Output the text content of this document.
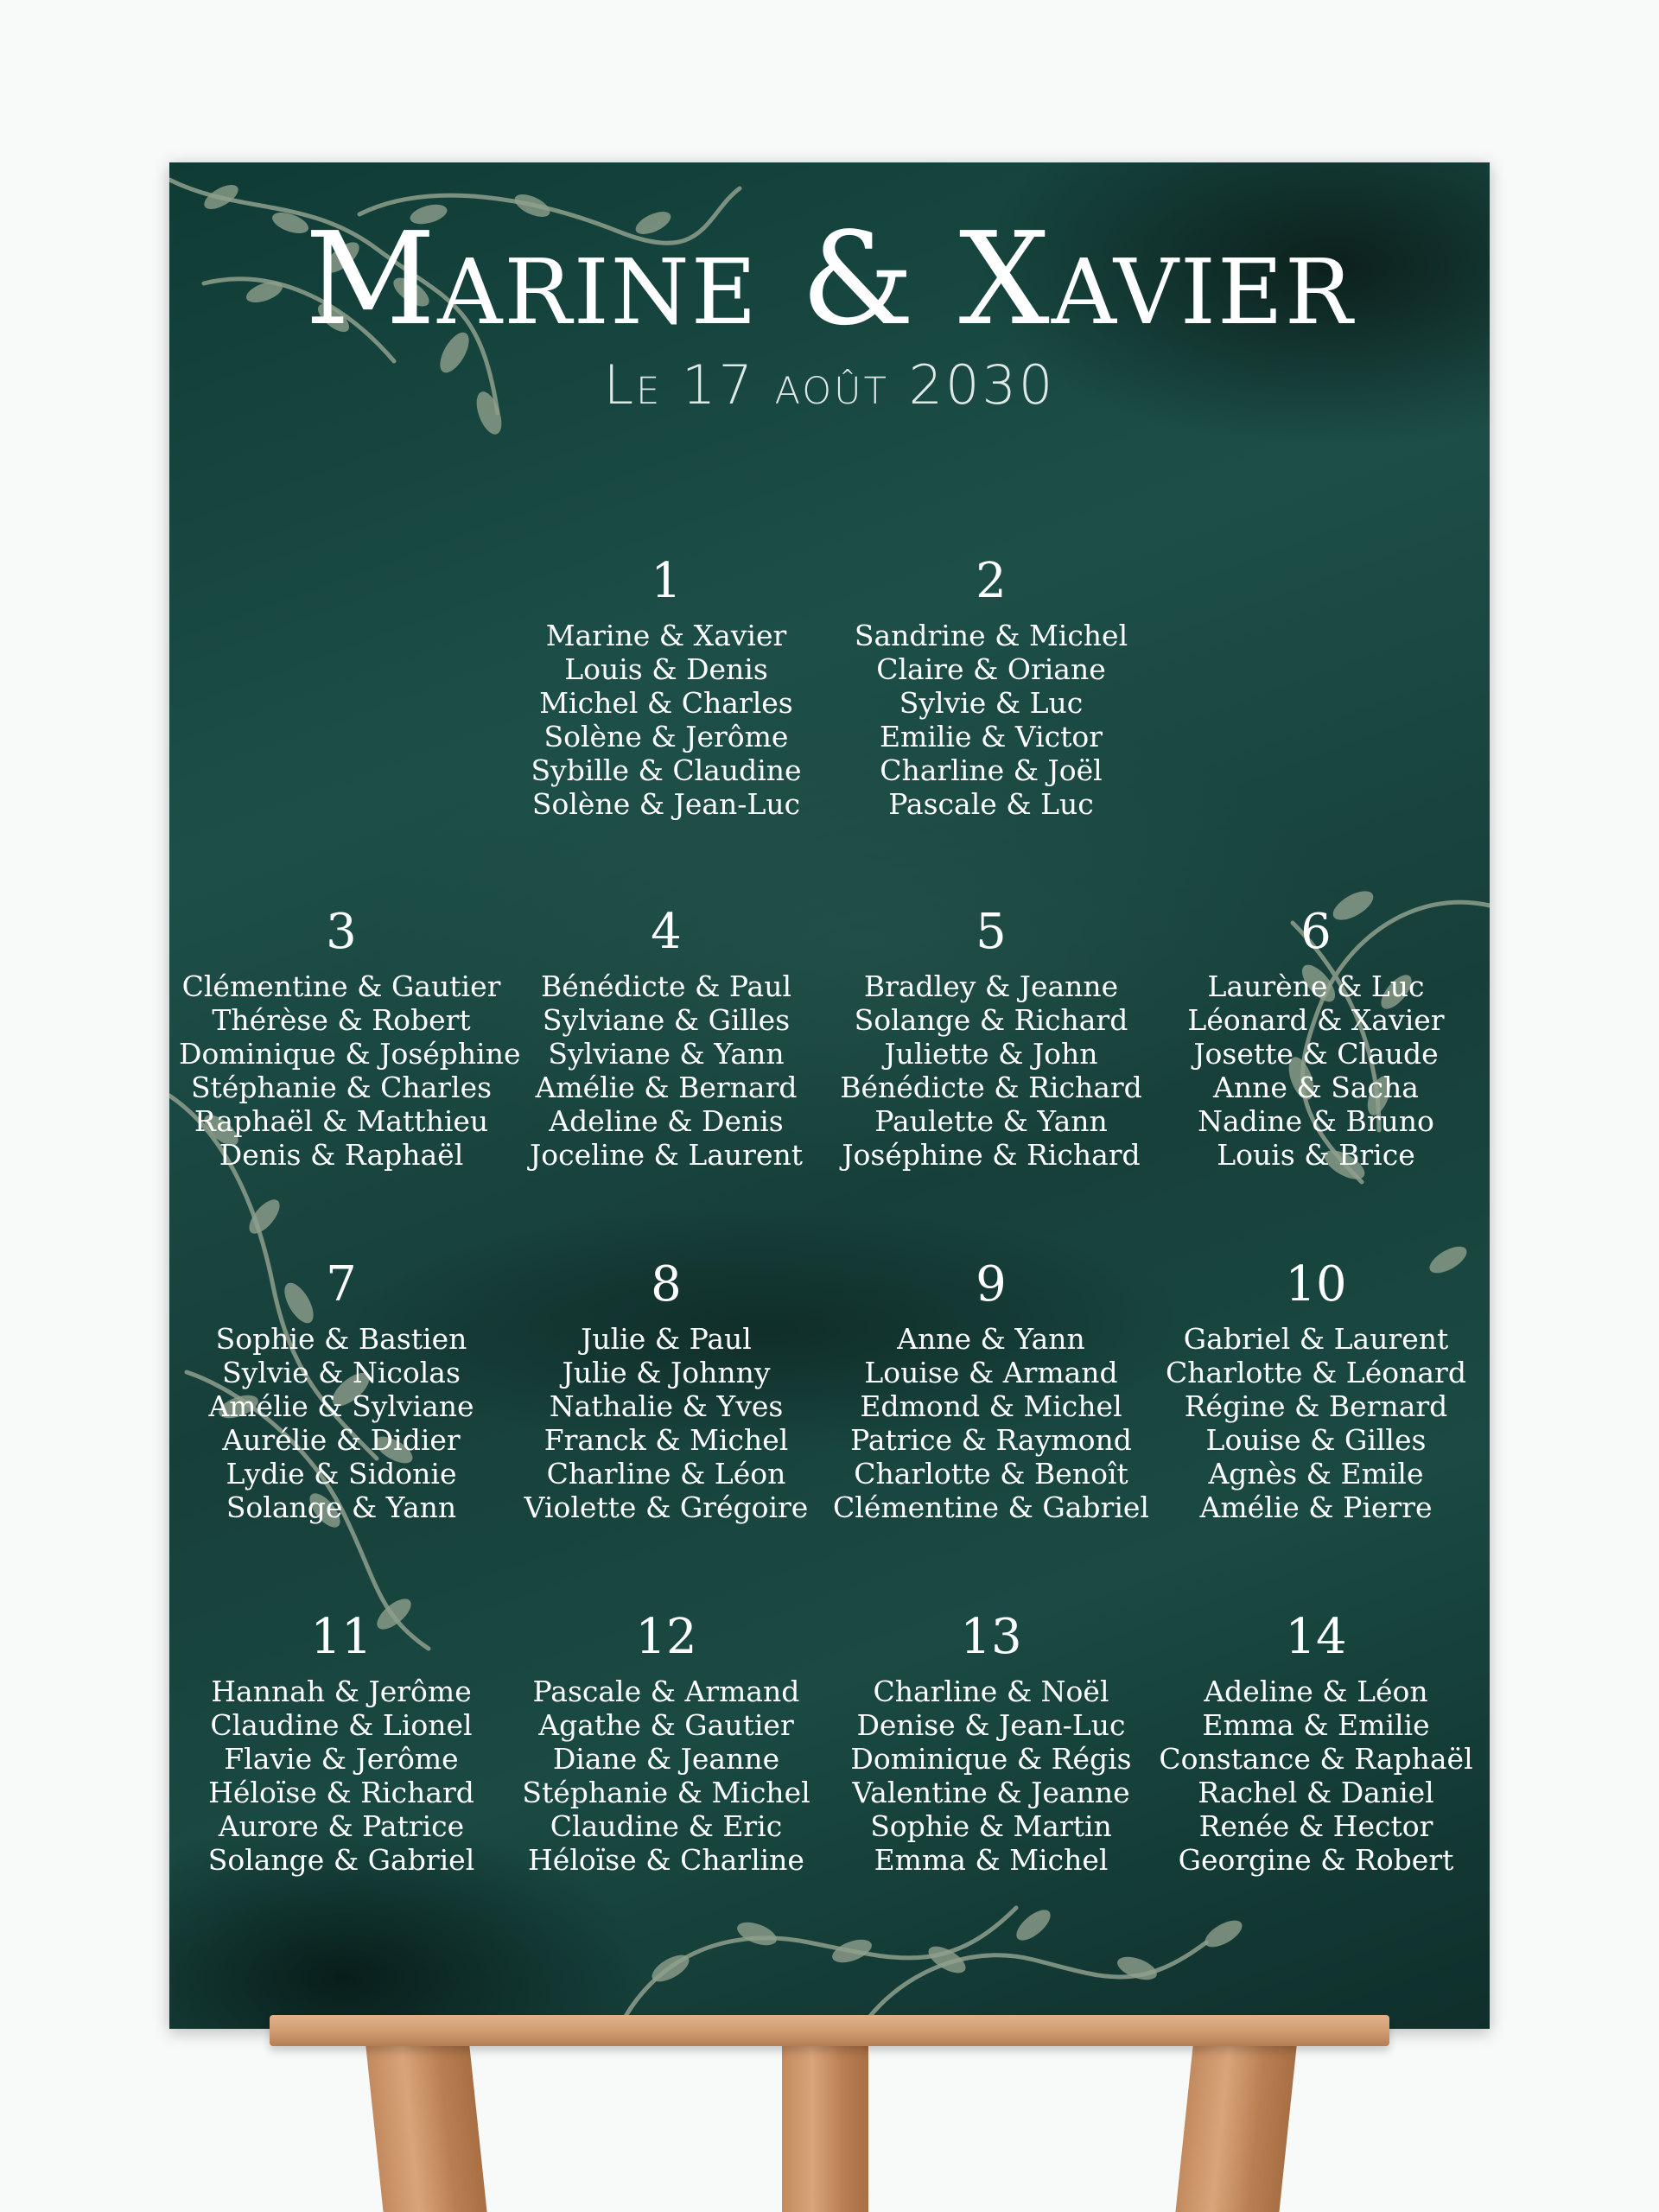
Marine & Xavier
Le 17 août 2030
1
Marine & Xavier
Louis & Denis
Michel & Charles
Solène & Jerôme
Sybille & Claudine
Solène & Jean-Luc
2
Sandrine & Michel
Claire & Oriane
Sylvie & Luc
Emilie & Victor
Charline & Joël
Pascale & Luc
3
Clémentine & Gautier
Thérèse & Robert
Dominique & Joséphine
Stéphanie & Charles
Raphaël & Matthieu
Denis & Raphaël
4
Bénédicte & Paul
Sylviane & Gilles
Sylviane & Yann
Amélie & Bernard
Adeline & Denis
Joceline & Laurent
5
Bradley & Jeanne
Solange & Richard
Juliette & John
Bénédicte & Richard
Paulette & Yann
Joséphine & Richard
6
Laurène & Luc
Léonard & Xavier
Josette & Claude
Anne & Sacha
Nadine & Bruno
Louis & Brice
7
Sophie & Bastien
Sylvie & Nicolas
Amélie & Sylviane
Aurélie & Didier
Lydie & Sidonie
Solange & Yann
8
Julie & Paul
Julie & Johnny
Nathalie & Yves
Franck & Michel
Charline & Léon
Violette & Grégoire
9
Anne & Yann
Louise & Armand
Edmond & Michel
Patrice & Raymond
Charlotte & Benoît
Clémentine & Gabriel
10
Gabriel & Laurent
Charlotte & Léonard
Régine & Bernard
Louise & Gilles
Agnès & Emile
Amélie & Pierre
11
Hannah & Jerôme
Claudine & Lionel
Flavie & Jerôme
Héloïse & Richard
Aurore & Patrice
Solange & Gabriel
12
Pascale & Armand
Agathe & Gautier
Diane & Jeanne
Stéphanie & Michel
Claudine & Eric
Héloïse & Charline
13
Charline & Noël
Denise & Jean-Luc
Dominique & Régis
Valentine & Jeanne
Sophie & Martin
Emma & Michel
14
Adeline & Léon
Emma & Emilie
Constance & Raphaël
Rachel & Daniel
Renée & Hector
Georgine & Robert
